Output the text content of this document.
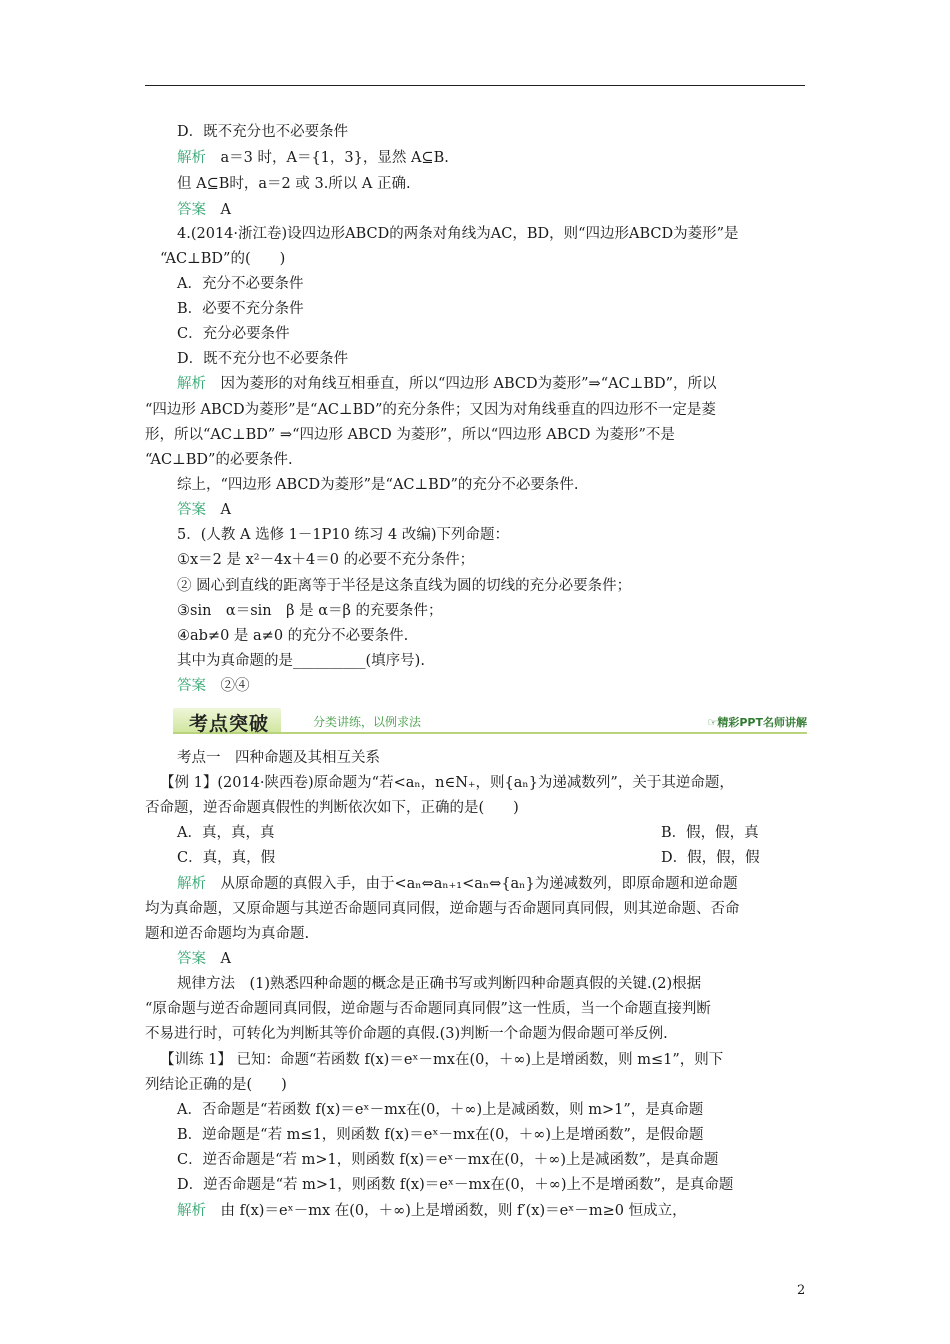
D．既不充分也不必要条件
解析　a＝3 时，A＝{1，3}，显然 A⊆B.
但 A⊆B时，a＝2 或 3.所以 A 正确.
答案　A
4.(2014·浙江卷)设四边形ABCD的两条对角线为AC，BD，则“四边形ABCD为菱形”是
“AC⊥BD”的(　　)
A．充分不必要条件
B．必要不充分条件
C．充分必要条件
D．既不充分也不必要条件
解析　因为菱形的对角线互相垂直，所以“四边形 ABCD为菱形”⇒“AC⊥BD”，所以
“四边形 ABCD为菱形”是“AC⊥BD”的充分条件；又因为对角线垂直的四边形不一定是菱
形，所以“AC⊥BD” ⇒“四边形 ABCD 为菱形”，所以“四边形 ABCD 为菱形”不是
“AC⊥BD”的必要条件.
综上，“四边形 ABCD为菱形”是“AC⊥BD”的充分不必要条件.
答案　A
5．(人教 A 选修 1－1P10 练习 4 改编)下列命题：
①x＝2 是 x²－4x＋4＝0 的必要不充分条件；
② 圆心到直线的距离等于半径是这条直线为圆的切线的充分必要条件；
③sin　α＝sin　β 是 α＝β 的充要条件；
④ab≠0 是 a≠0 的充分不必要条件.
其中为真命题的是__________(填序号).
答案　②④
考点突破	分类讲练，以例求法	☞精彩PPT名师讲解
考点一　四种命题及其相互关系
【例 1】(2014·陕西卷)原命题为“若<aₙ，n∈N₊，则{aₙ}为递减数列”，关于其逆命题，
否命题，逆否命题真假性的判断依次如下，正确的是(　　)
A．真，真，真	B．假，假，真
C．真，真，假	D．假，假，假
解析　从原命题的真假入手，由于<aₙ⇔aₙ₊₁<aₙ⇔{aₙ}为递减数列，即原命题和逆命题
均为真命题，又原命题与其逆否命题同真同假，逆命题与否命题同真同假，则其逆命题、否命
题和逆否命题均为真命题.
答案　A
规律方法　(1)熟悉四种命题的概念是正确书写或判断四种命题真假的关键.(2)根据
“原命题与逆否命题同真同假，逆命题与否命题同真同假”这一性质，当一个命题直接判断
不易进行时，可转化为判断其等价命题的真假.(3)判断一个命题为假命题可举反例.
【训练 1】 已知：命题“若函数 f(x)＝eˣ－mx在(0，＋∞)上是增函数，则 m≤1”，则下
列结论正确的是(　　)
A．否命题是“若函数 f(x)＝eˣ－mx在(0，＋∞)上是减函数，则 m>1”，是真命题
B．逆命题是“若 m≤1，则函数 f(x)＝eˣ－mx在(0，＋∞)上是增函数”，是假命题
C．逆否命题是“若 m>1，则函数 f(x)＝eˣ－mx在(0，＋∞)上是减函数”，是真命题
D．逆否命题是“若 m>1，则函数 f(x)＝eˣ－mx在(0，＋∞)上不是增函数”，是真命题
解析　由 f(x)＝eˣ－mx 在(0，＋∞)上是增函数，则 f′(x)＝eˣ－m≥0 恒成立，
2
